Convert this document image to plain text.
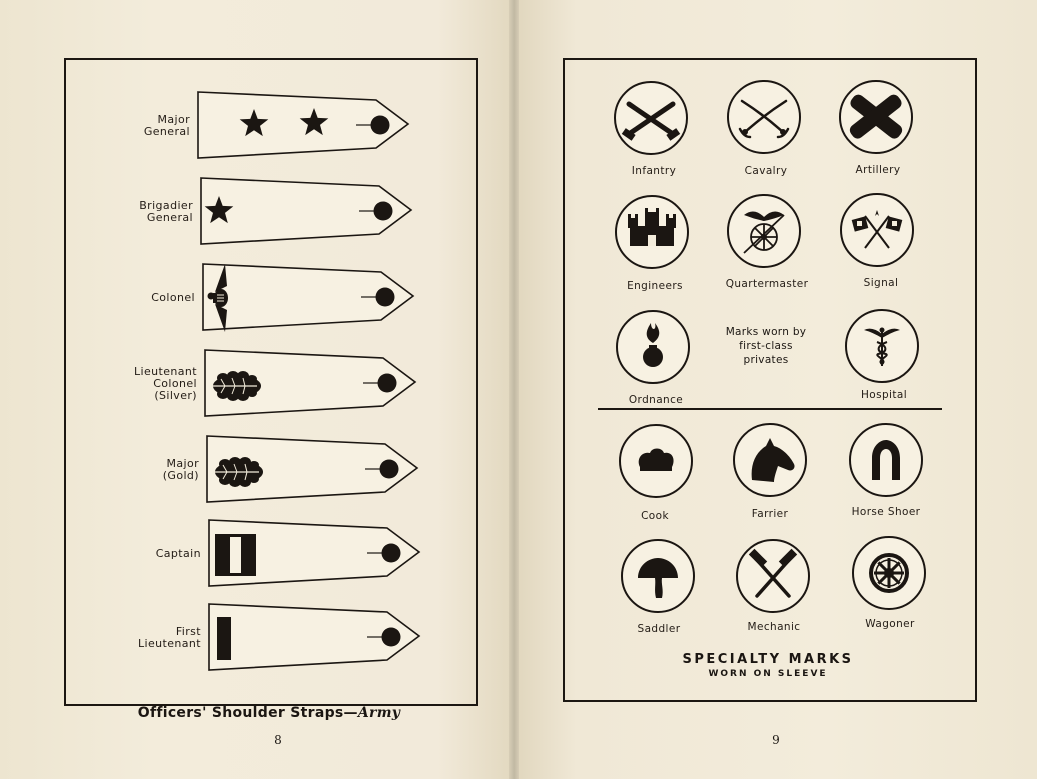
Major
General
Brigadier
General
Colonel
Lieutenant
Colonel
(Silver)
Major
(Gold)
Captain
First
Lieutenant
Officers' Shoulder Straps—Army
8
Infantry	Cavalry	Artillery
Engineers	Quartermaster	Signal
Ordnance	Hospital
Cook	Farrier	Horse Shoer
Saddler	Mechanic	Wagoner
Marks worn by
first-class
privates
SPECIALTY MARKS
WORN ON SLEEVE
9
